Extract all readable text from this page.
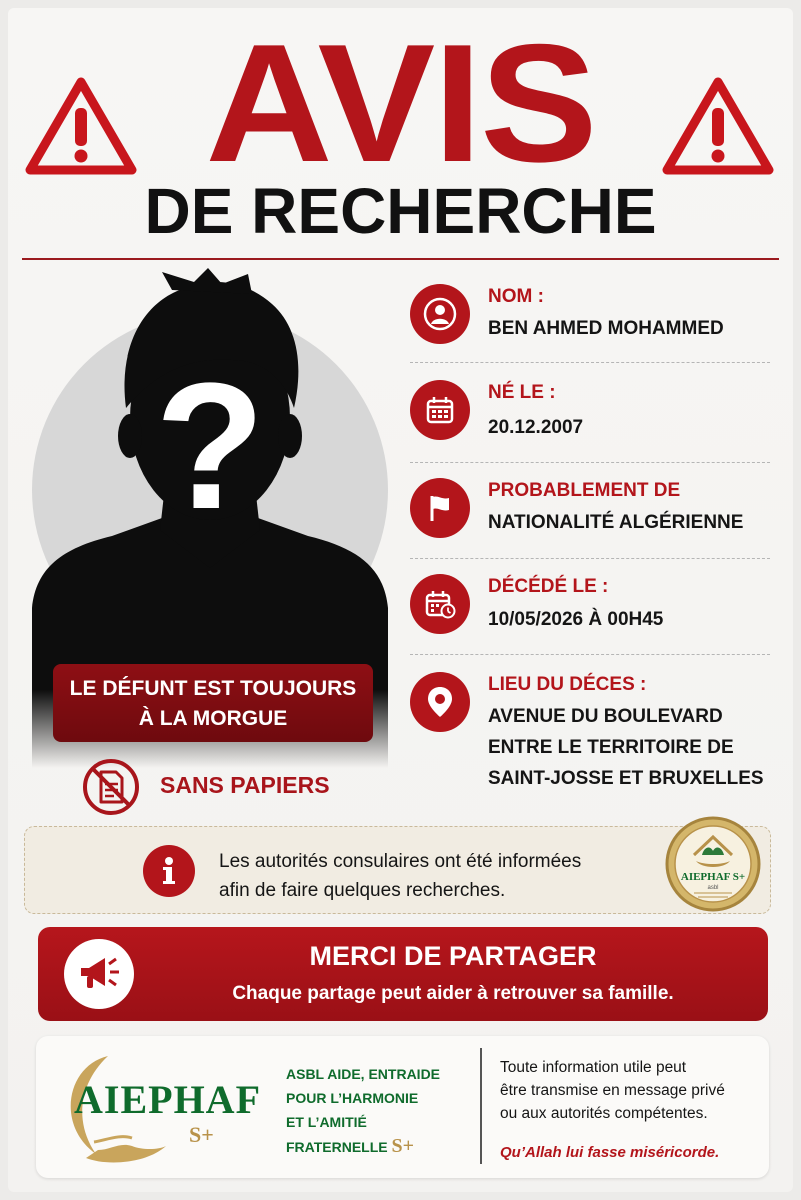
AVIS
DE RECHERCHE
?
LE DÉFUNT EST TOUJOURS
À LA MORGUE
SANS PAPIERS
NOM :
BEN AHMED MOHAMMED
NÉ LE :
20.12.2007
PROBABLEMENT DE
NATIONALITÉ ALGÉRIENNE
DÉCÉDÉ LE :
10/05/2026 À 00H45
LIEU DU DÉCES :
AVENUE DU BOULEVARD
ENTRE LE TERRITOIRE DE
SAINT-JOSSE ET BRUXELLES
Les autorités consulaires ont été informées
afin de faire quelques recherches.
AIEPHAF S+
asbl
MERCI DE PARTAGER
Chaque partage peut aider à retrouver sa famille.
AIEPHAF
S+
ASBL AIDE, ENTRAIDE
POUR L’HARMONIE
ET L’AMITIÉ
FRATERNELLE S+
Toute information utile peut
être transmise en message privé
ou aux autorités compétentes.
Qu’Allah lui fasse miséricorde.
